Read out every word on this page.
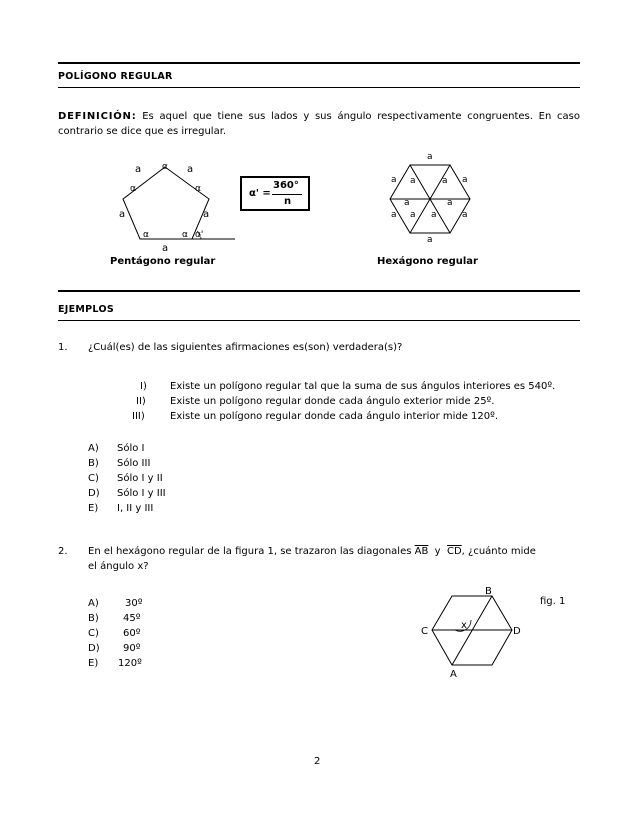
POLÍGONO REGULAR
DEFINICIÓN: Es aquel que tiene sus lados y sus ángulo respectivamente congruentes. En caso contrario se dice que es irregular.
a	a
a	a
a
α
α	α
α	α α'
α' =
360°
n
a
a a	a a
a	a
a a a	a
a
Pentágono regular	Hexágono regular
EJEMPLOS
1. ¿Cuál(es) de las siguientes afirmaciones es(son) verdadera(s)?
I) Existe un polígono regular tal que la suma de sus ángulos interiores es 540º.
II) Existe un polígono regular donde cada ángulo exterior mide 25º.
III)	Existe un polígono regular donde cada ángulo interior mide 120º.
A) Sólo I
B) Sólo III
C) Sólo I y II
D) Sólo I y III
E) I, II y III
2. En el hexágono regular de la figura 1, se trazaron las diagonales $\overline{AB}$  y  $\overline{CD}$, ¿cuánto mide
el ángulo x?
A)	30º
B) 45º
C) 60º
D) 90º
E) 120º
fig. 1
x
B
C	D
A
2
